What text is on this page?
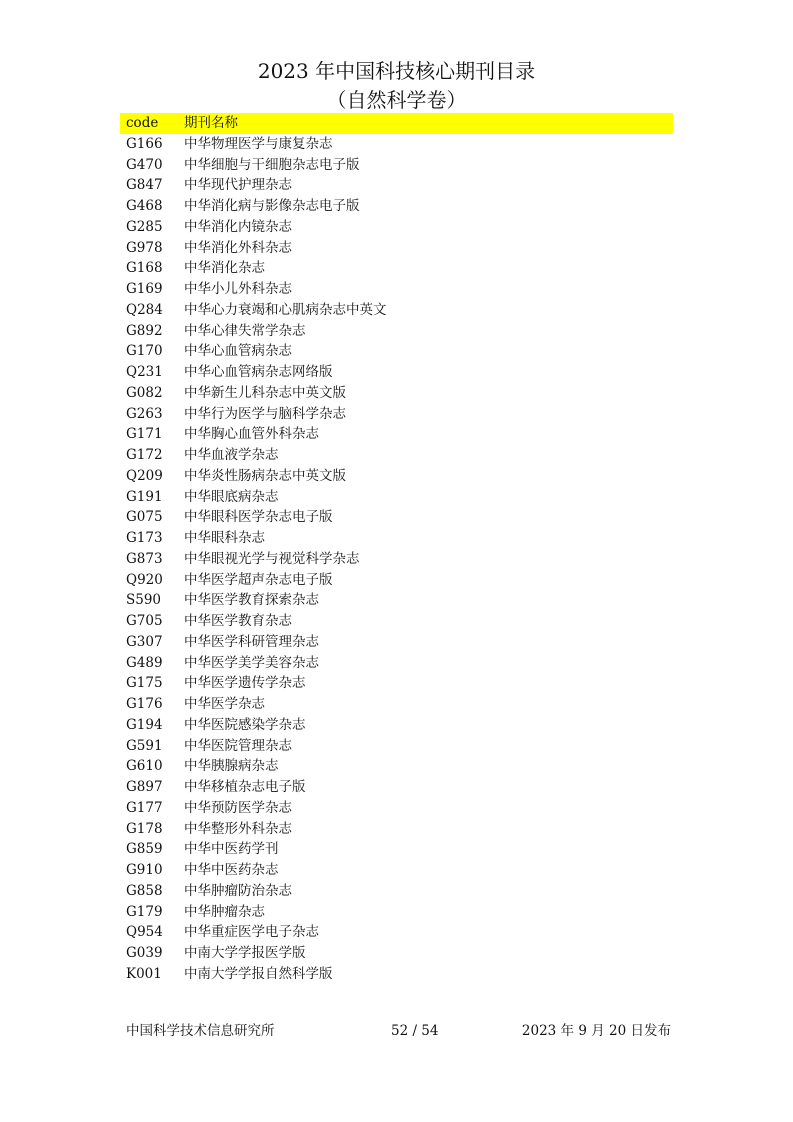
2023 年中国科技核心期刊目录
（自然科学卷）
code	期刊名称
G166	中华物理医学与康复杂志
G470	中华细胞与干细胞杂志电子版
G847	中华现代护理杂志
G468	中华消化病与影像杂志电子版
G285	中华消化内镜杂志
G978	中华消化外科杂志
G168	中华消化杂志
G169	中华小儿外科杂志
Q284	中华心力衰竭和心肌病杂志中英文
G892	中华心律失常学杂志
G170	中华心血管病杂志
Q231	中华心血管病杂志网络版
G082	中华新生儿科杂志中英文版
G263	中华行为医学与脑科学杂志
G171	中华胸心血管外科杂志
G172	中华血液学杂志
Q209	中华炎性肠病杂志中英文版
G191	中华眼底病杂志
G075	中华眼科医学杂志电子版
G173	中华眼科杂志
G873	中华眼视光学与视觉科学杂志
Q920	中华医学超声杂志电子版
S590	中华医学教育探索杂志
G705	中华医学教育杂志
G307	中华医学科研管理杂志
G489	中华医学美学美容杂志
G175	中华医学遗传学杂志
G176	中华医学杂志
G194	中华医院感染学杂志
G591	中华医院管理杂志
G610	中华胰腺病杂志
G897	中华移植杂志电子版
G177	中华预防医学杂志
G178	中华整形外科杂志
G859	中华中医药学刊
G910	中华中医药杂志
G858	中华肿瘤防治杂志
G179	中华肿瘤杂志
Q954	中华重症医学电子杂志
G039	中南大学学报医学版
K001	中南大学学报自然科学版
中国科学技术信息研究所	52 / 54	2023 年 9 月 20 日发布
